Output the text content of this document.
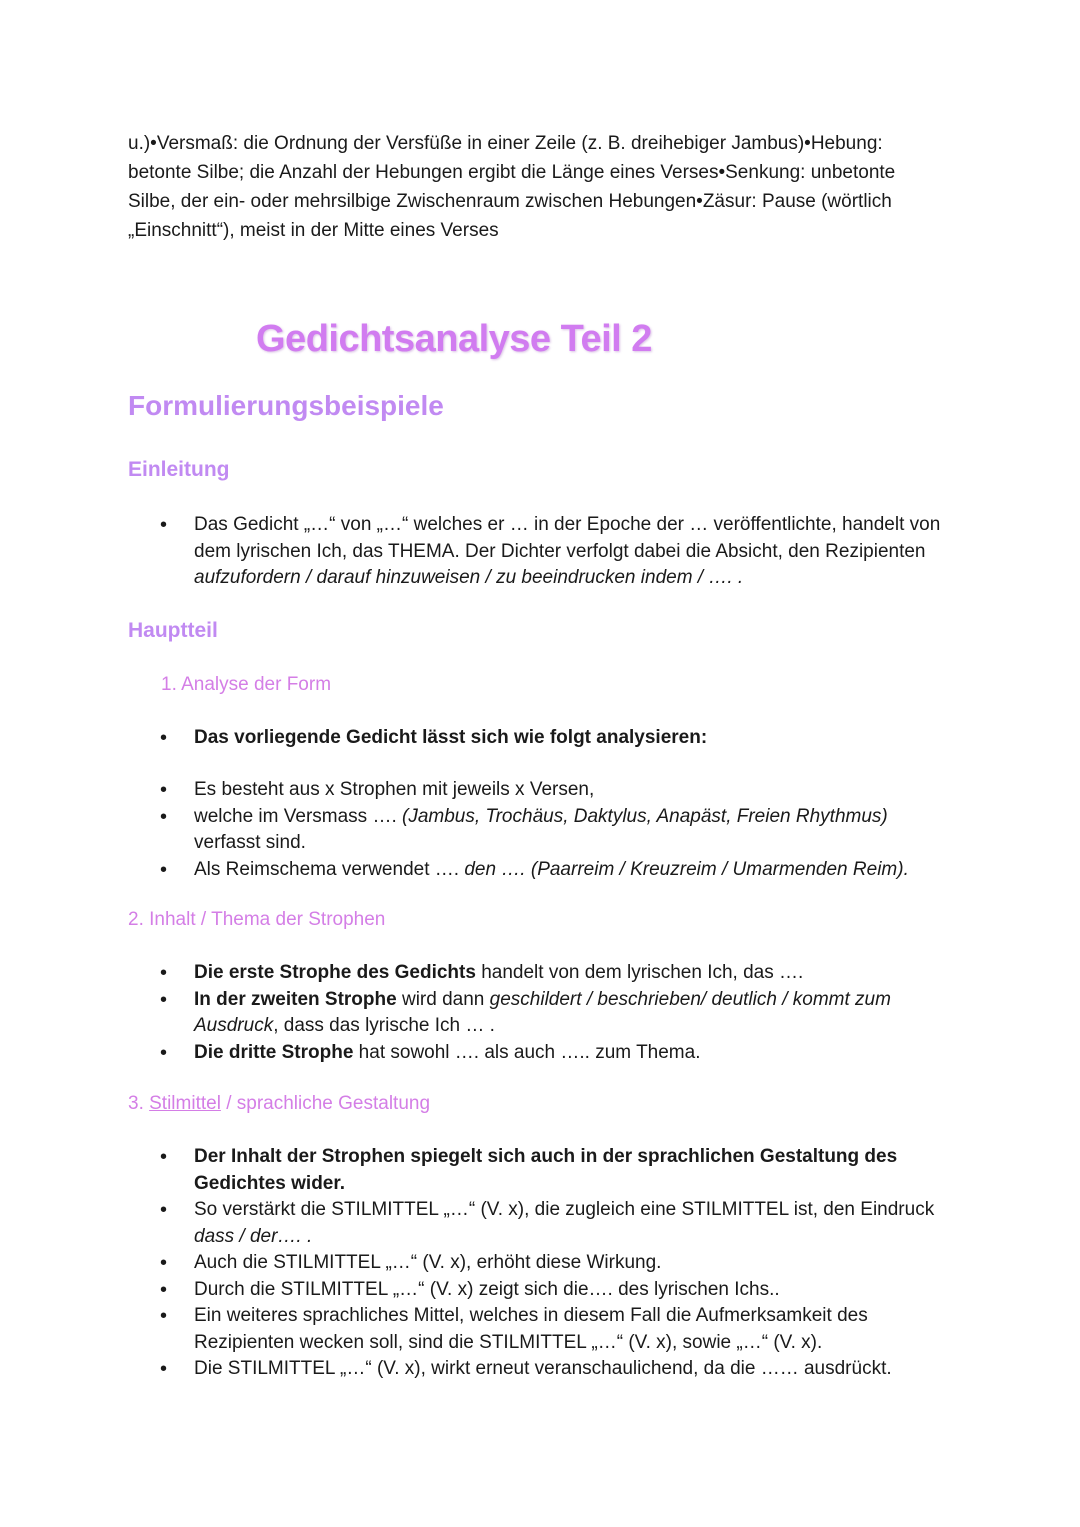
u.)•Versmaß: die Ordnung der Versfüße in einer Zeile (z. B. dreihebiger Jambus)•Hebung: betonte Silbe; die Anzahl der Hebungen ergibt die Länge eines Verses•Senkung: unbetonte Silbe, der ein- oder mehrsilbige Zwischenraum zwischen Hebungen•Zäsur: Pause (wörtlich „Einschnitt“), meist in der Mitte eines Verses
Gedichtsanalyse Teil 2
Formulierungsbeispiele
Einleitung
• Das Gedicht „…“ von „…“ welches er … in der Epoche der … veröffentlichte, handelt von dem lyrischen Ich, das THEMA. Der Dichter verfolgt dabei die Absicht, den Rezipienten aufzufordern / darauf hinzuweisen / zu beeindrucken indem / …. .
Hauptteil
1. Analyse der Form
• Das vorliegende Gedicht lässt sich wie folgt analysieren:
• Es besteht aus x Strophen mit jeweils x Versen,
• welche im Versmass …. (Jambus, Trochäus, Daktylus, Anapäst, Freien Rhythmus) verfasst sind.
• Als Reimschema verwendet …. den …. (Paarreim / Kreuzreim / Umarmenden Reim).
2. Inhalt / Thema der Strophen
• Die erste Strophe des Gedichts handelt von dem lyrischen Ich, das ….
• In der zweiten Strophe wird dann geschildert / beschrieben/ deutlich / kommt zum Ausdruck, dass das lyrische Ich … .
• Die dritte Strophe hat sowohl …. als auch ….. zum Thema.
3. Stilmittel / sprachliche Gestaltung
• Der Inhalt der Strophen spiegelt sich auch in der sprachlichen Gestaltung des Gedichtes wider.
• So verstärkt die STILMITTEL „…“ (V. x), die zugleich eine STILMITTEL ist, den Eindruck dass / der…. .
• Auch die STILMITTEL „…“ (V. x), erhöht diese Wirkung.
• Durch die STILMITTEL „…“ (V. x) zeigt sich die…. des lyrischen Ichs..
• Ein weiteres sprachliches Mittel, welches in diesem Fall die Aufmerksamkeit des Rezipienten wecken soll, sind die STILMITTEL „…“ (V. x), sowie „…“ (V. x).
• Die STILMITTEL „…“ (V. x), wirkt erneut veranschaulichend, da die …… ausdrückt.
